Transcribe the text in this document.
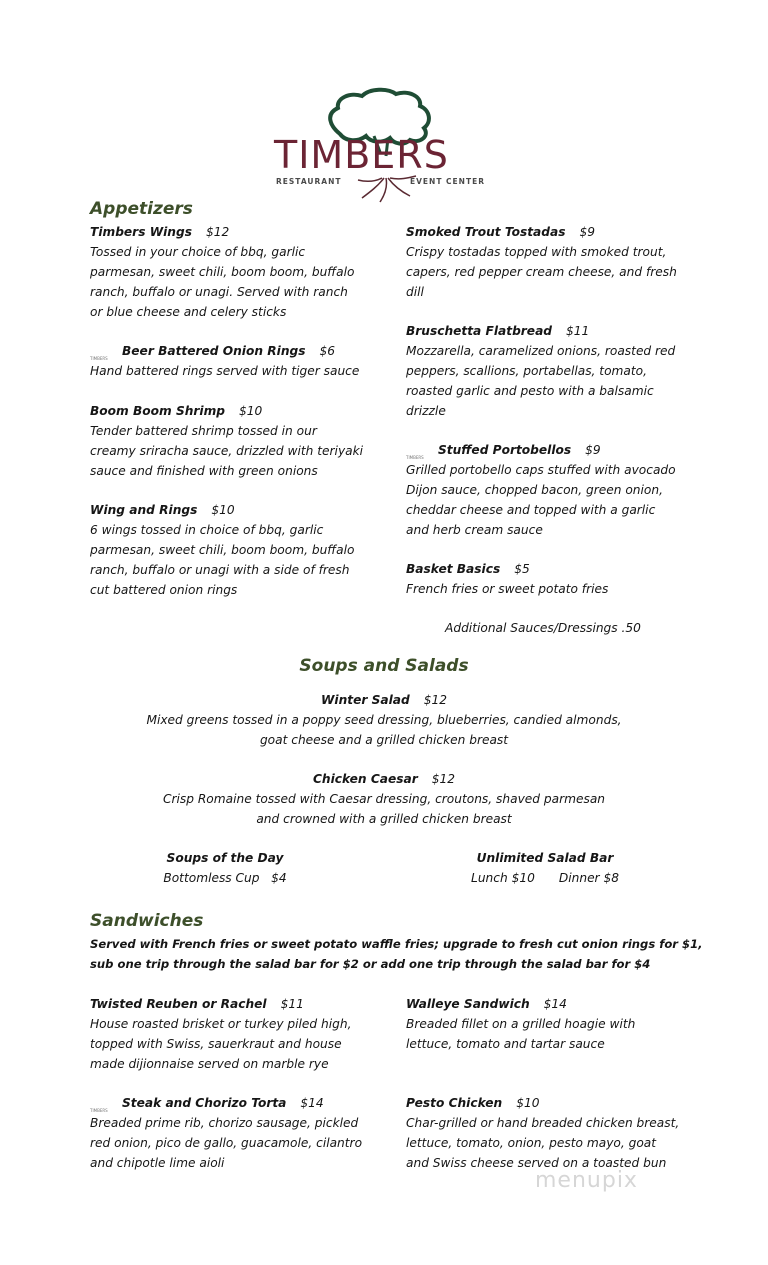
TIMBERS
RESTAURANT	EVENT CENTER
Appetizers
Timbers Wings $12
Tossed in your choice of bbq, garlic
parmesan, sweet chili, boom boom, buffalo
ranch, buffalo or unagi. Served with ranch
or blue cheese and celery sticks
TIMBERS Beer Battered Onion Rings $6
Hand battered rings served with tiger sauce
Boom Boom Shrimp $10
Tender battered shrimp tossed in our
creamy sriracha sauce, drizzled with teriyaki
sauce and finished with green onions
Wing and Rings $10
6 wings tossed in choice of bbq, garlic
parmesan, sweet chili, boom boom, buffalo
ranch, buffalo or unagi with a side of fresh
cut battered onion rings
Smoked Trout Tostadas $9
Crispy tostadas topped with smoked trout,
capers, red pepper cream cheese, and fresh
dill
Bruschetta Flatbread $11
Mozzarella, caramelized onions, roasted red
peppers, scallions, portabellas, tomato,
roasted garlic and pesto with a balsamic
drizzle
TIMBERS Stuffed Portobellos $9
Grilled portobello caps stuffed with avocado
Dijon sauce, chopped bacon, green onion,
cheddar cheese and topped with a garlic
and herb cream sauce
Basket Basics $5
French fries or sweet potato fries
Additional Sauces/Dressings .50
Soups and Salads
Winter Salad $12
Mixed greens tossed in a poppy seed dressing, blueberries, candied almonds,
goat cheese and a grilled chicken breast
Chicken Caesar $12
Crisp Romaine tossed with Caesar dressing, croutons, shaved parmesan
and crowned with a grilled chicken breast
Soups of the Day
Bottomless Cup   $4
Unlimited Salad Bar
Lunch $10 Dinner $8
Sandwiches
Served with French fries or sweet potato waffle fries; upgrade to fresh cut onion rings for $1,
sub one trip through the salad bar for $2 or add one trip through the salad bar for $4
Twisted Reuben or Rachel $11
House roasted brisket or turkey piled high,
topped with Swiss, sauerkraut and house
made dijionnaise served on marble rye
TIMBERS Steak and Chorizo Torta $14
Breaded prime rib, chorizo sausage, pickled
red onion, pico de gallo, guacamole, cilantro
and chipotle lime aioli
Walleye Sandwich $14
Breaded fillet on a grilled hoagie with
lettuce, tomato and tartar sauce
Pesto Chicken $10
Char-grilled or hand breaded chicken breast,
lettuce, tomato, onion, pesto mayo, goat
and Swiss cheese served on a toasted bun
menupix
